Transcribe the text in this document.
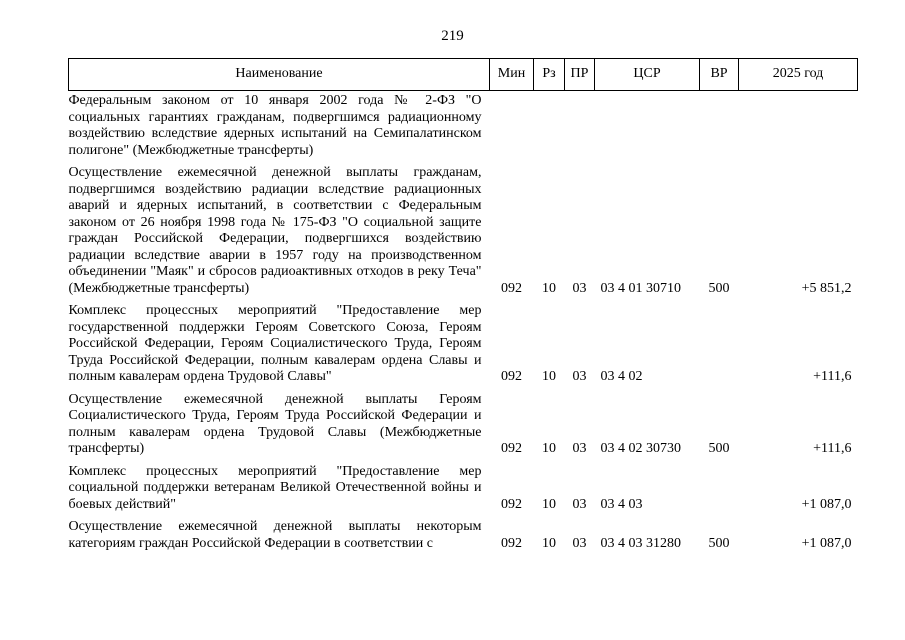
219
Наименование	Мин	Рз	ПР	ЦСР	ВР	2025 год
Федеральным законом от 10 января 2002 года № 2-ФЗ "О социальных гарантиях гражданам, подвергшимся радиационному воздействию вследствие ядерных испытаний на Семипалатинском полигоне" (Межбюджетные трансферты)						
Осуществление ежемесячной денежной выплаты гражданам, подвергшимся воздействию радиации вследствие радиационных аварий и ядерных испытаний, в соответствии с Федеральным законом от 26 ноября 1998 года № 175-ФЗ "О социальной защите граждан Российской Федерации, подвергшихся воздействию радиации вследствие аварии в 1957 году на производственном объединении "Маяк" и сбросов радиоактивных отходов в реку Теча" (Межбюджетные трансферты)	092	10	03	03 4 01 30710	500	+5 851,2
Комплекс процессных мероприятий "Предоставление мер государственной поддержки Героям Советского Союза, Героям Российской Федерации, Героям Социалистического Труда, Героям Труда Российской Федерации, полным кавалерам ордена Славы и полным кавалерам ордена Трудовой Славы"	092	10	03	03 4 02		+111,6
Осуществление ежемесячной денежной выплаты Героям Социалистического Труда, Героям Труда Российской Федерации и полным кавалерам ордена Трудовой Славы (Межбюджетные трансферты)	092	10	03	03 4 02 30730	500	+111,6
Комплекс процессных мероприятий "Предоставление мер социальной поддержки ветеранам Великой Отечественной войны и боевых действий"	092	10	03	03 4 03		+1 087,0
Осуществление ежемесячной денежной выплаты некоторым категориям граждан Российской Федерации в соответствии с	092	10	03	03 4 03 31280	500	+1 087,0
